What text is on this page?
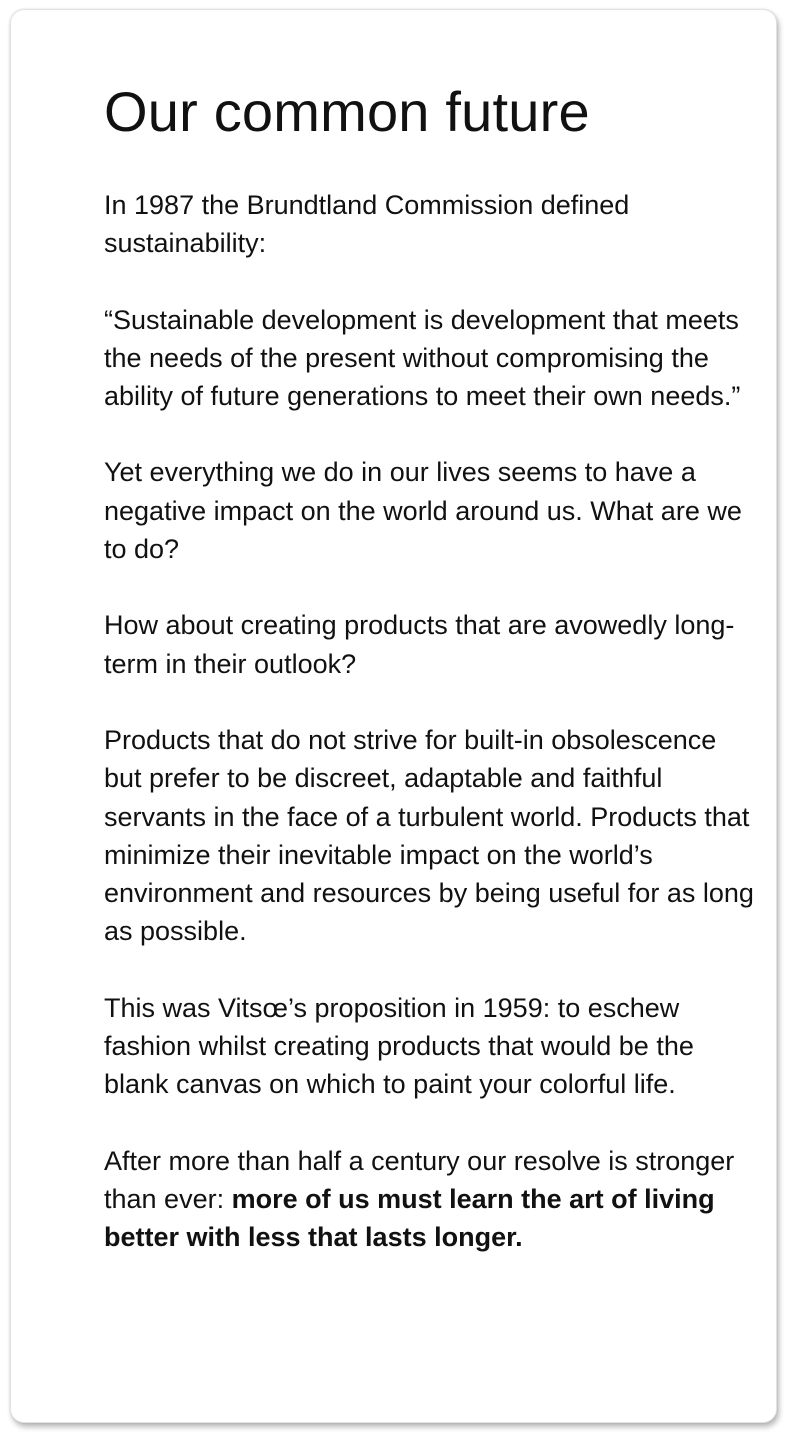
Our common future

In 1987 the Brundtland Commission defined sustainability:

“Sustainable development is development that meets the needs of the present without compromising the ability of future generations to meet their own needs.”

Yet everything we do in our lives seems to have a negative impact on the world around us. What are we to do?

How about creating products that are avowedly long-term in their outlook?

Products that do not strive for built-in obsolescence but prefer to be discreet, adaptable and faithful servants in the face of a turbulent world. Products that minimize their inevitable impact on the world’s environment and resources by being useful for as long as possible.

This was Vitsœ’s proposition in 1959: to eschew fashion whilst creating products that would be the blank canvas on which to paint your colorful life.

After more than half a century our resolve is stronger than ever: more of us must learn the art of living better with less that lasts longer.
